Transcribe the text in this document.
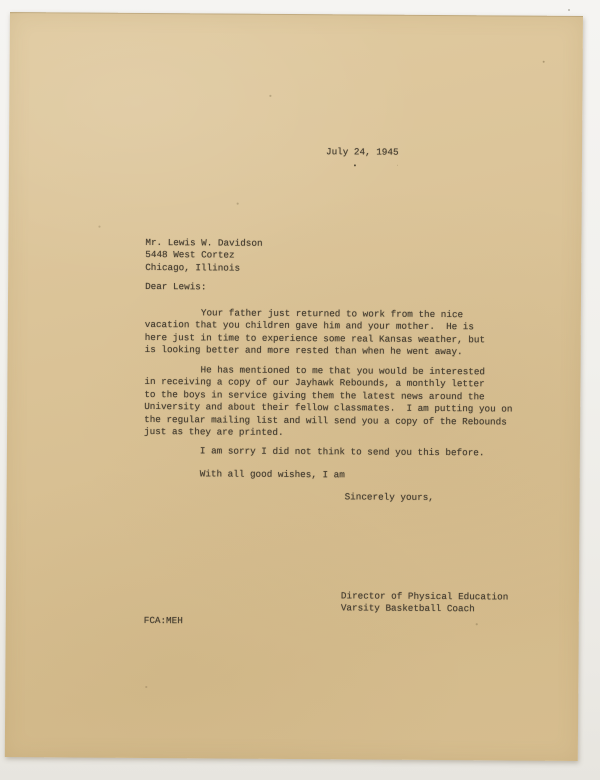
July 24, 1945
Mr. Lewis W. Davidson
5448 West Cortez
Chicago, Illinois
Dear Lewis:
Your father just returned to work from the nice
vacation that you children gave him and your mother.  He is
here just in time to experience some real Kansas weather, but
is looking better and more rested than when he went away.
He has mentioned to me that you would be interested
in receiving a copy of our Jayhawk Rebounds, a monthly letter
to the boys in service giving them the latest news around the
University and about their fellow classmates.  I am putting you on
the regular mailing list and will send you a copy of the Rebounds
just as they are printed.
I am sorry I did not think to send you this before.
With all good wishes, I am
Sincerely yours,
Director of Physical Education
Varsity Basketball Coach
FCA:MEH
